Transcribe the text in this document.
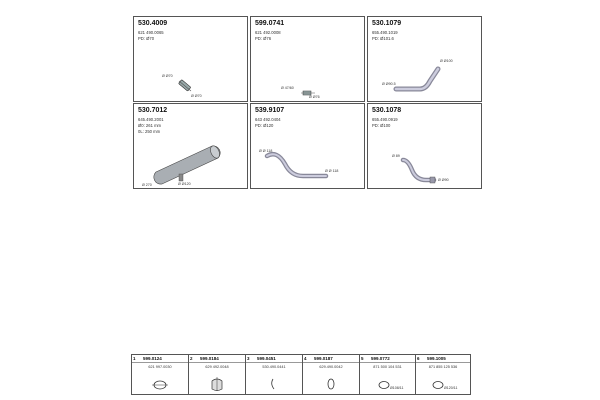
530.4009
621 490.0065
PD: Ø70
Ø Ø70
Ø Ø70
599.0741
621 492.0008
PD: Ø76
Ø 47/60
Ø Ø76
530.1079
655.490.1019
PD: Ø101.6
Ø Ø90.5
Ø Ø100
530.7012
645.490.2001
Ø0: 261 mm
0L: 250 mm
Ø 270	Ø Ø120
539.9107
643 492.0404
PD: Ø120
Ø Ø 118
Ø Ø 118
530.1078
655.490.0919
PD: Ø100
Ø 89
Ø Ø90
1 599.0124
621 997.0030
2 599.0184
629 492.0048
3 599.0451
530.490.0441
4 599.0187
629.490.0042
5 599.0772
871 500 104 531
Ø108/11
6 599.1005
871 855 125 536
Ø120/11
